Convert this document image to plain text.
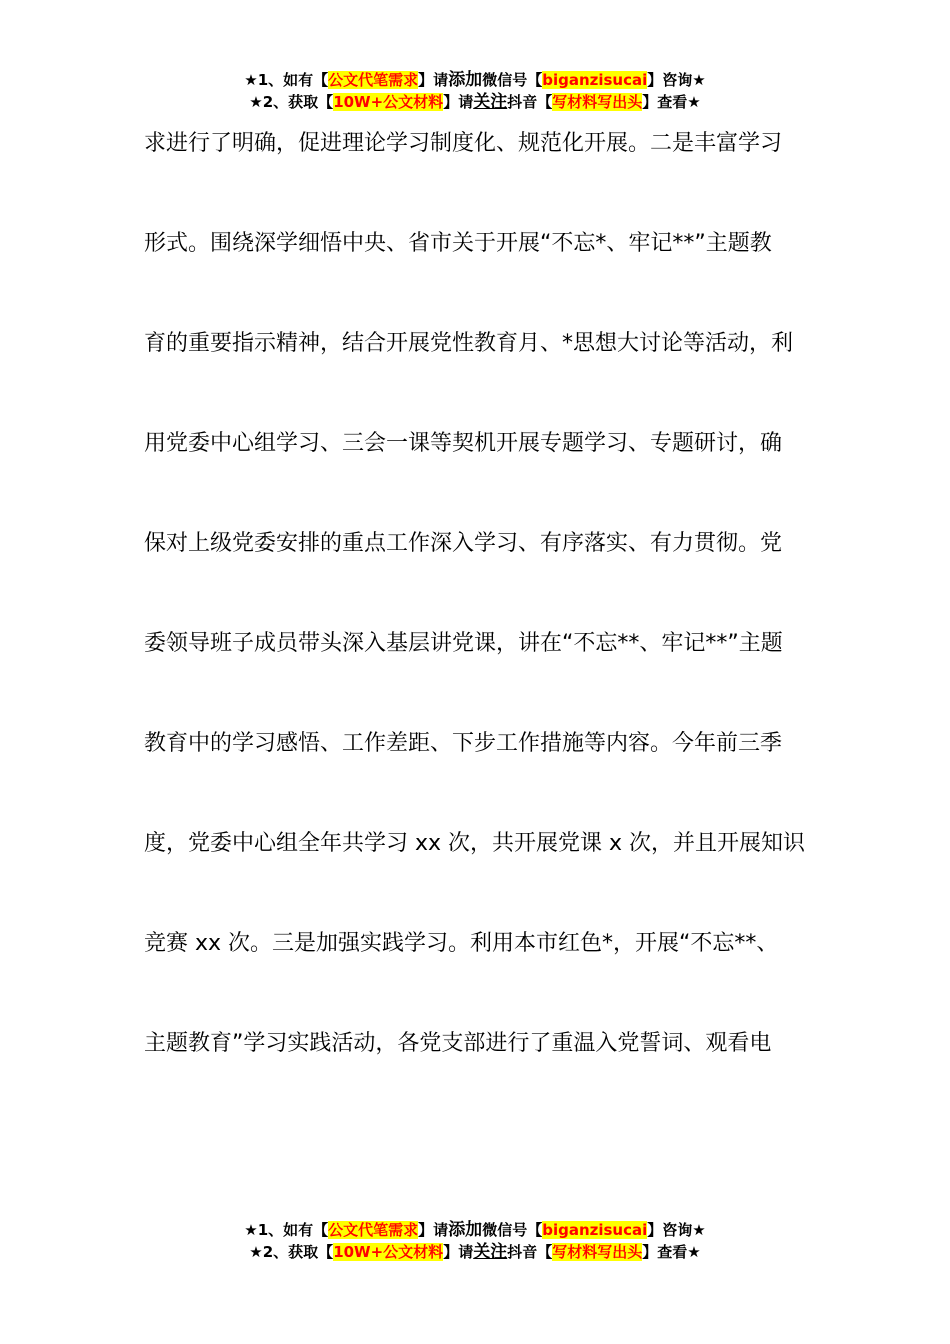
★1、如有【公文代笔需求】请添加微信号【biganzisucai】咨询★
★2、获取【10W+公文材料】请关注抖音【写材料写出头】查看★
求进行了明确，促进理论学习制度化、规范化开展。二是丰富学习
形式。围绕深学细悟中央、省市关于开展“不忘*、牢记**”主题教
育的重要指示精神，结合开展党性教育月、*思想大讨论等活动，利
用党委中心组学习、三会一课等契机开展专题学习、专题研讨，确
保对上级党委安排的重点工作深入学习、有序落实、有力贯彻。党
委领导班子成员带头深入基层讲党课，讲在“不忘**、牢记**”主题
教育中的学习感悟、工作差距、下步工作措施等内容。今年前三季
度，党委中心组全年共学习 xx 次，共开展党课 x 次，并且开展知识
竞赛 xx 次。三是加强实践学习。利用本市红色*，开展“不忘**、
主题教育”学习实践活动，各党支部进行了重温入党誓词、观看电
★1、如有【公文代笔需求】请添加微信号【biganzisucai】咨询★
★2、获取【10W+公文材料】请关注抖音【写材料写出头】查看★
